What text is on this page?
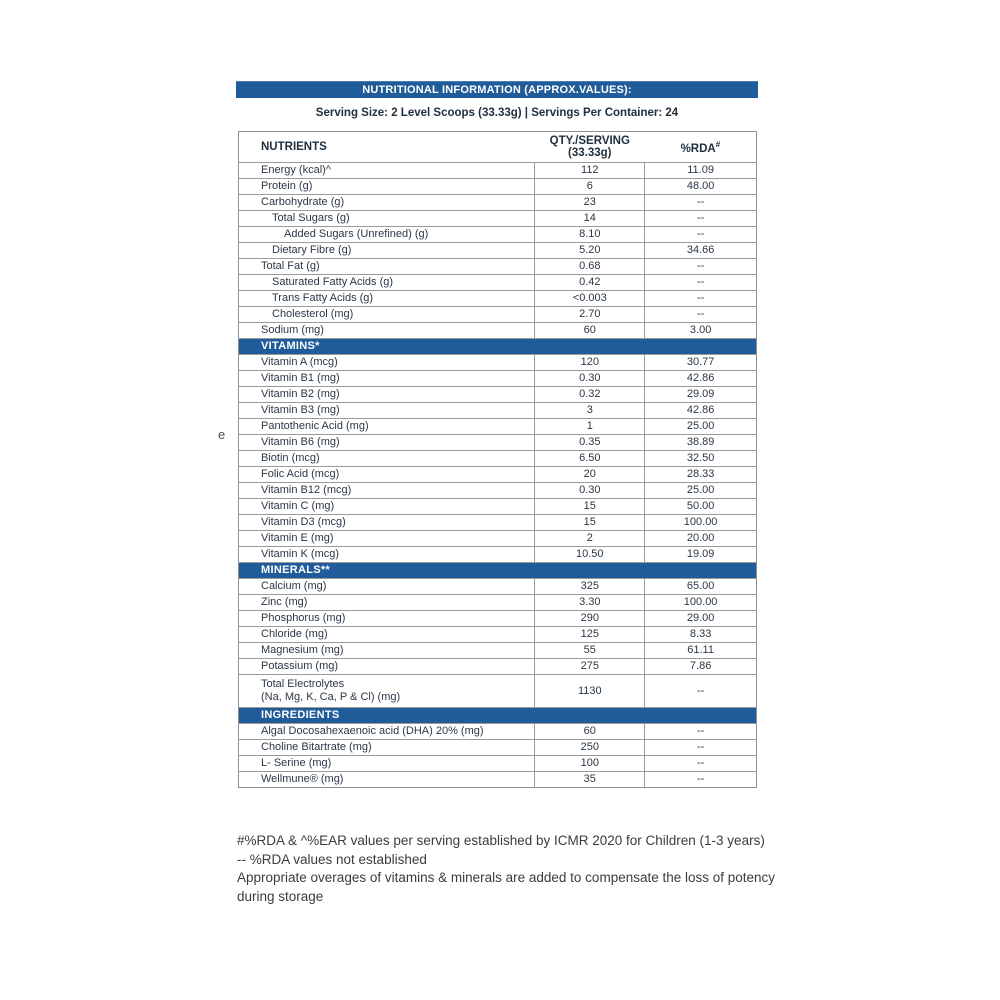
NUTRITIONAL INFORMATION (APPROX.VALUES):
Serving Size: 2 Level Scoops (33.33g) | Servings Per Container: 24
NUTRIENTS	QTY./SERVING (33.33g)	%RDA#
Energy (kcal)^	112	11.09
Protein (g)	6	48.00
Carbohydrate (g)	23	--
Total Sugars (g)	14	--
Added Sugars (Unrefined) (g)	8.10	--
Dietary Fibre (g)	5.20	34.66
Total Fat (g)	0.68	--
Saturated Fatty Acids (g)	0.42	--
Trans Fatty Acids (g)	<0.003	--
Cholesterol (mg)	2.70	--
Sodium (mg)	60	3.00
VITAMINS*		
Vitamin A (mcg)	120	30.77
Vitamin B1 (mg)	0.30	42.86
Vitamin B2 (mg)	0.32	29.09
Vitamin B3 (mg)	3	42.86
Pantothenic Acid (mg)	1	25.00
Vitamin B6 (mg)	0.35	38.89
Biotin (mcg)	6.50	32.50
Folic Acid (mcg)	20	28.33
Vitamin B12 (mcg)	0.30	25.00
Vitamin C (mg)	15	50.00
Vitamin D3 (mcg)	15	100.00
Vitamin E (mg)	2	20.00
Vitamin K (mcg)	10.50	19.09
MINERALS**		
Calcium (mg)	325	65.00
Zinc (mg)	3.30	100.00
Phosphorus (mg)	290	29.00
Chloride (mg)	125	8.33
Magnesium (mg)	55	61.11
Potassium (mg)	275	7.86

Total Electrolytes
(Na, Mg, K, Ca, P & Cl) (mg)	1130	--
INGREDIENTS		
Algal Docosahexaenoic acid (DHA) 20% (mg)	60	--
Choline Bitartrate (mg)	250	--
L- Serine (mg)	100	--
Wellmune® (mg)	35	--
e
#%RDA & ^%EAR values per serving established by ICMR 2020 for Children (1-3 years)
-- %RDA values not established
Appropriate overages of vitamins & minerals are added to compensate the loss of potency during storage
